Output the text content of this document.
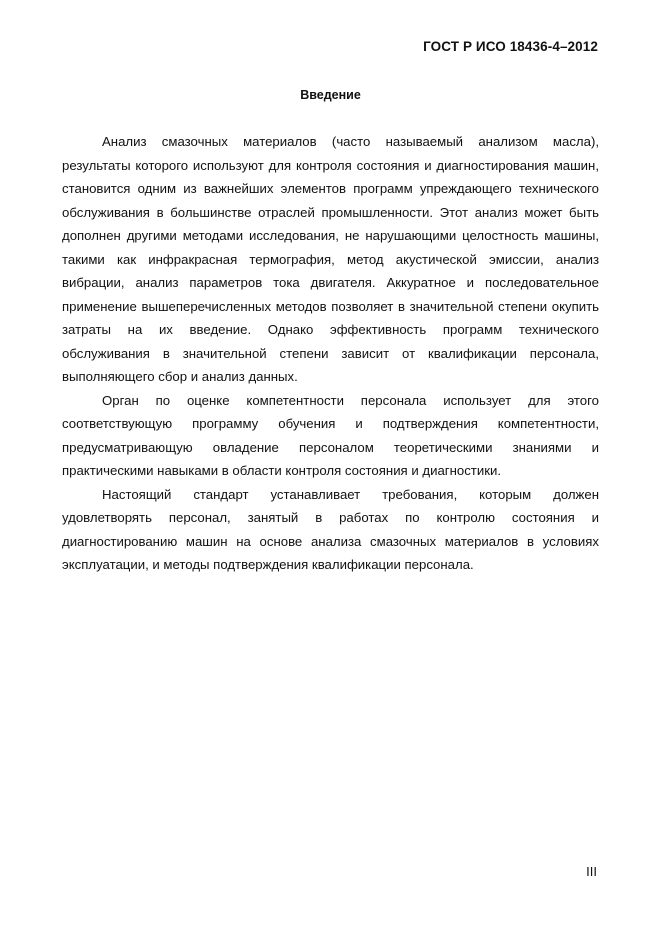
ГОСТ Р ИСО 18436-4–2012
Введение

Анализ смазочных материалов (часто называемый анализом масла), результаты которого используют для контроля состояния и диагностирования машин, становится одним из важнейших элементов программ упреждающего технического обслуживания в большинстве отраслей промышленности. Этот анализ может быть дополнен другими методами исследования, не нарушающими целостность машины, такими как инфракрасная термография, метод акустической эмиссии, анализ вибрации, анализ параметров тока двигателя. Аккуратное и последовательное применение вышеперечисленных методов позволяет в значительной степени окупить затраты на их введение. Однако эффективность программ технического обслуживания в значительной степени зависит от квалификации персонала, выполняющего сбор и анализ данных.

Орган по оценке компетентности персонала использует для этого соответствующую программу обучения и подтверждения компетентности, предусматривающую овладение персоналом теоретическими знаниями и практическими навыками в области контроля состояния и диагностики.

Настоящий стандарт устанавливает требования, которым должен удовлетворять персонал, занятый в работах по контролю состояния и диагностированию машин на основе анализа смазочных материалов в условиях эксплуатации, и методы подтверждения квалификации персонала.

III
